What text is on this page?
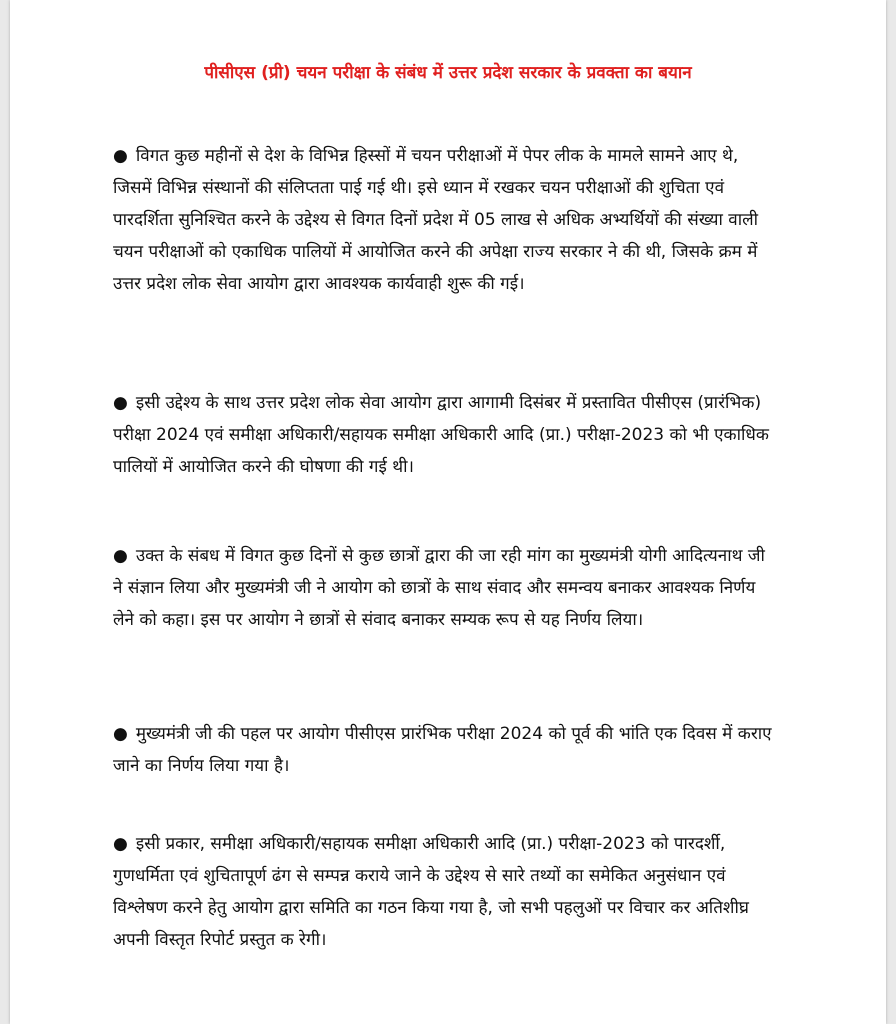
पीसीएस (प्री) चयन परीक्षा के संबंध में उत्तर प्रदेश सरकार के प्रवक्ता का बयान

● विगत कुछ महीनों से देश के विभिन्न हिस्सों में चयन परीक्षाओं में पेपर लीक के मामले सामने आए थे, जिसमें विभिन्न संस्थानों की संलिप्तता पाई गई थी। इसे ध्यान में रखकर चयन परीक्षाओं की शुचिता एवं पारदर्शिता सुनिश्चित करने के उद्देश्य से विगत दिनों प्रदेश में 05 लाख से अधिक अभ्यर्थियों की संख्या वाली चयन परीक्षाओं को एकाधिक पालियों में आयोजित करने की अपेक्षा राज्य सरकार ने की थी, जिसके क्रम में उत्तर प्रदेश लोक सेवा आयोग द्वारा आवश्यक कार्यवाही शुरू की गई।

● इसी उद्देश्य के साथ उत्तर प्रदेश लोक सेवा आयोग द्वारा आगामी दिसंबर में प्रस्तावित पीसीएस (प्रारंभिक) परीक्षा 2024 एवं समीक्षा अधिकारी/सहायक समीक्षा अधिकारी आदि (प्रा.) परीक्षा-2023 को भी एकाधिक पालियों में आयोजित करने की घोषणा की गई थी।

● उक्त के संबध में विगत कुछ दिनों से कुछ छात्रों द्वारा की जा रही मांग का मुख्यमंत्री योगी आदित्यनाथ जी ने संज्ञान लिया और मुख्यमंत्री जी ने आयोग को छात्रों के साथ संवाद और समन्वय बनाकर आवश्यक निर्णय लेने को कहा। इस पर आयोग ने छात्रों से संवाद बनाकर सम्यक रूप से यह निर्णय लिया।

● मुख्यमंत्री जी की पहल पर आयोग पीसीएस प्रारंभिक परीक्षा 2024 को पूर्व की भांति एक दिवस में कराए जाने का निर्णय लिया गया है।

● इसी प्रकार, समीक्षा अधिकारी/सहायक समीक्षा अधिकारी आदि (प्रा.) परीक्षा-2023 को पारदर्शी, गुणधर्मिता एवं शुचितापूर्ण ढंग से सम्पन्न कराये जाने के उद्देश्य से सारे तथ्यों का समेकित अनुसंधान एवं विश्लेषण करने हेतु आयोग द्वारा समिति का गठन किया गया है, जो सभी पहलुओं पर विचार कर अतिशीघ्र अपनी विस्तृत रिपोर्ट प्रस्तुत क रेगी।
